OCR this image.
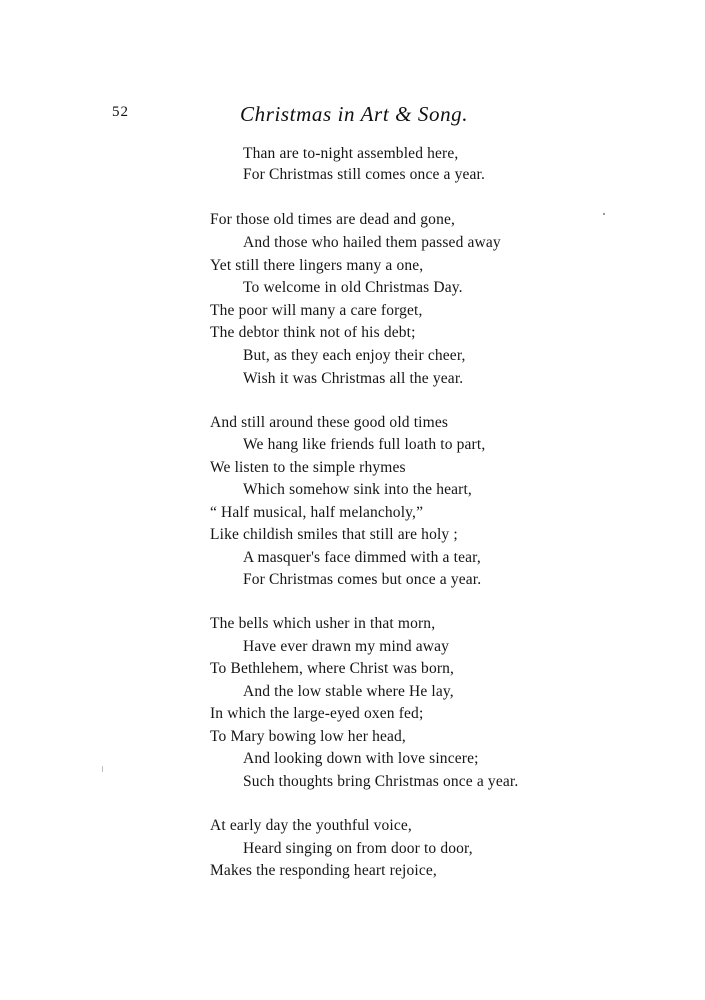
52	Christmas in Art & Song.
Than are to-night assembled here,
For Christmas still comes once a year.
For those old times are dead and gone,
And those who hailed them passed away
Yet still there lingers many a one,
To welcome in old Christmas Day.
The poor will many a care forget,
The debtor think not of his debt;
But, as they each enjoy their cheer,
Wish it was Christmas all the year.
And still around these good old times
We hang like friends full loath to part,
We listen to the simple rhymes
Which somehow sink into the heart,
“ Half musical, half melancholy,”
Like childish smiles that still are holy ;
A masquer's face dimmed with a tear,
For Christmas comes but once a year.
The bells which usher in that morn,
Have ever drawn my mind away
To Bethlehem, where Christ was born,
And the low stable where He lay,
In which the large-eyed oxen fed;
To Mary bowing low her head,
And looking down with love sincere;
Such thoughts bring Christmas once a year.
At early day the youthful voice,
Heard singing on from door to door,
Makes the responding heart rejoice,
